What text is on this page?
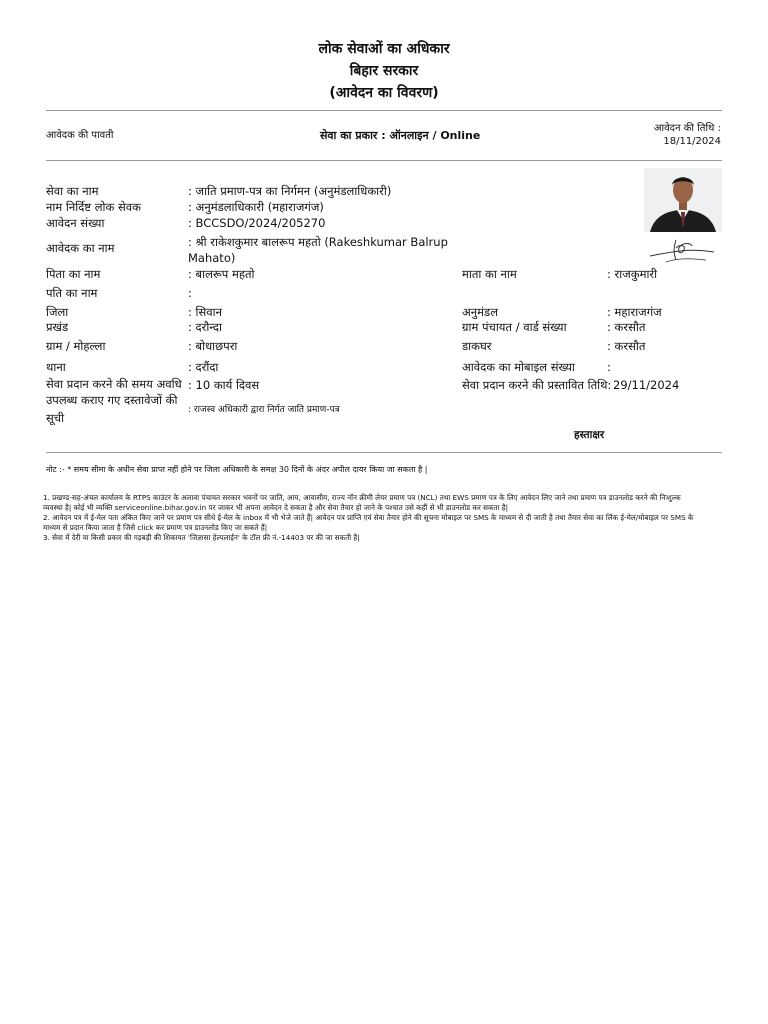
लोक सेवाओं का अधिकार
बिहार सरकार
(आवेदन का विवरण)
आवेदक की पावती	सेवा का प्रकार : ऑनलाइन / Online
आवेदन की तिथि :
18/11/2024
सेवा का नाम	: जाति प्रमाण-पत्र का निर्गमन (अनुमंडलाधिकारी)
नाम निर्दिष्ट लोक सेवक	: अनुमंडलाधिकारी (महाराजगंज)
आवेदन संख्या	: BCCSDO/2024/205270
आवेदक का नाम	: श्री राकेशकुमार बालरूप महतो (Rakeshkumar Balrup
Mahato)
पिता का नाम	: बालरूप महतो	माता का नाम	: राजकुमारी
पति का नाम	:
जिला	: सिवान	अनुमंडल	: महाराजगंज
प्रखंड	: दरौन्दा	ग्राम पंचायत / वार्ड संख्या	: करसौत
ग्राम / मोहल्ला	: बोधाछपरा	डाकघर	: करसौत
थाना	: दरौंदा	आवेदक का मोबाइल संख्या	:
सेवा प्रदान करने की समय अवधि : 10 कार्य दिवस	सेवा प्रदान करने की प्रस्तावित तिथि: 29/11/2024
उपलब्ध कराए गए दस्तावेजों की
सूची
: राजस्व अधिकारी द्वारा निर्गत जाति प्रमाण-पत्र
हस्ताक्षर
नोट :- * समय सीमा के अधीन सेवा प्राप्त नहीं होने पर जिला अधिकारी के समक्ष 30 दिनों के अंदर अपील दायर किया जा सकता है |
1. प्रखण्ड-सह-अंचल कार्यालय के RTPS काउंटर के अलावा पंचायत सरकार भवनों पर जाति, आय, आवासीय, राज्य नॉन क्रीमी लेयर प्रमाण पत्र (NCL) तथा EWS प्रमाण पत्र के लिए आवेदन लिए जाने तथा प्रमाण पत्र डाउनलोड करने की निःशुल्क
व्यवस्था है| कोई भी व्यक्ति serviceonline.bihar.gov.in पर जाकर भी अपना आवेदन दे सकता है और सेवा तैयार हो जाने के पश्चात उसे कहीं से भी डाउनलोड कर सकता है|
2. आवेदन पत्र में ई-मेल पता अंकित किए जाने पर प्रमाण पत्र सीधे ई-मेल के inbox में भी भेजे जाते हैं| आवेदन पत्र प्राप्ति एवं सेवा तैयार होने की सूचना मोबाइल पर SMS के माध्यम से दी जाती है तथा तैयार सेवा का लिंक ई-मेल/मोबाइल पर SMS के
माध्यम से प्रदान किया जाता है जिसे click कर प्रमाण पत्र डाउनलोड किए जा सकते हैं|
3. सेवा में देरी या किसी प्रकार की गड़बड़ी की शिकायत 'जिज्ञासा हेल्पलाईन' के टॉल फ्री नं.-14403 पर की जा सकती है|
